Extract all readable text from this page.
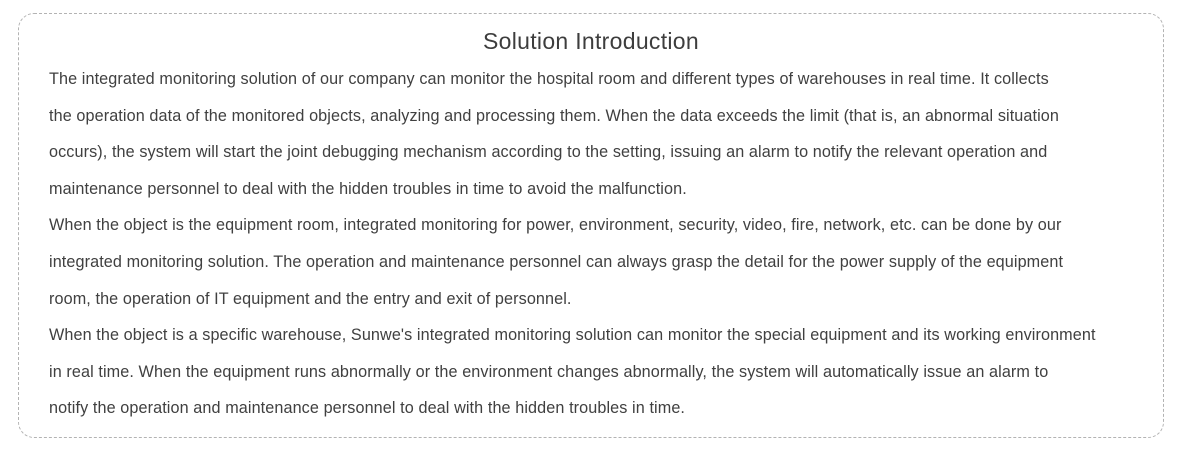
Solution Introduction
The integrated monitoring solution of our company can monitor the hospital room and different types of warehouses in real time. It collects
the operation data of the monitored objects, analyzing and processing them. When the data exceeds the limit (that is, an abnormal situation
occurs), the system will start the joint debugging mechanism according to the setting, issuing an alarm to notify the relevant operation and
maintenance personnel to deal with the hidden troubles in time to avoid the malfunction.
When the object is the equipment room, integrated monitoring for power, environment, security, video, fire, network, etc. can be done by our
integrated monitoring solution. The operation and maintenance personnel can always grasp the detail for the power supply of the equipment
room, the operation of IT equipment and the entry and exit of personnel.
When the object is a specific warehouse, Sunwe's integrated monitoring solution can monitor the special equipment and its working environment
in real time. When the equipment runs abnormally or the environment changes abnormally, the system will automatically issue an alarm to
notify the operation and maintenance personnel to deal with the hidden troubles in time.
